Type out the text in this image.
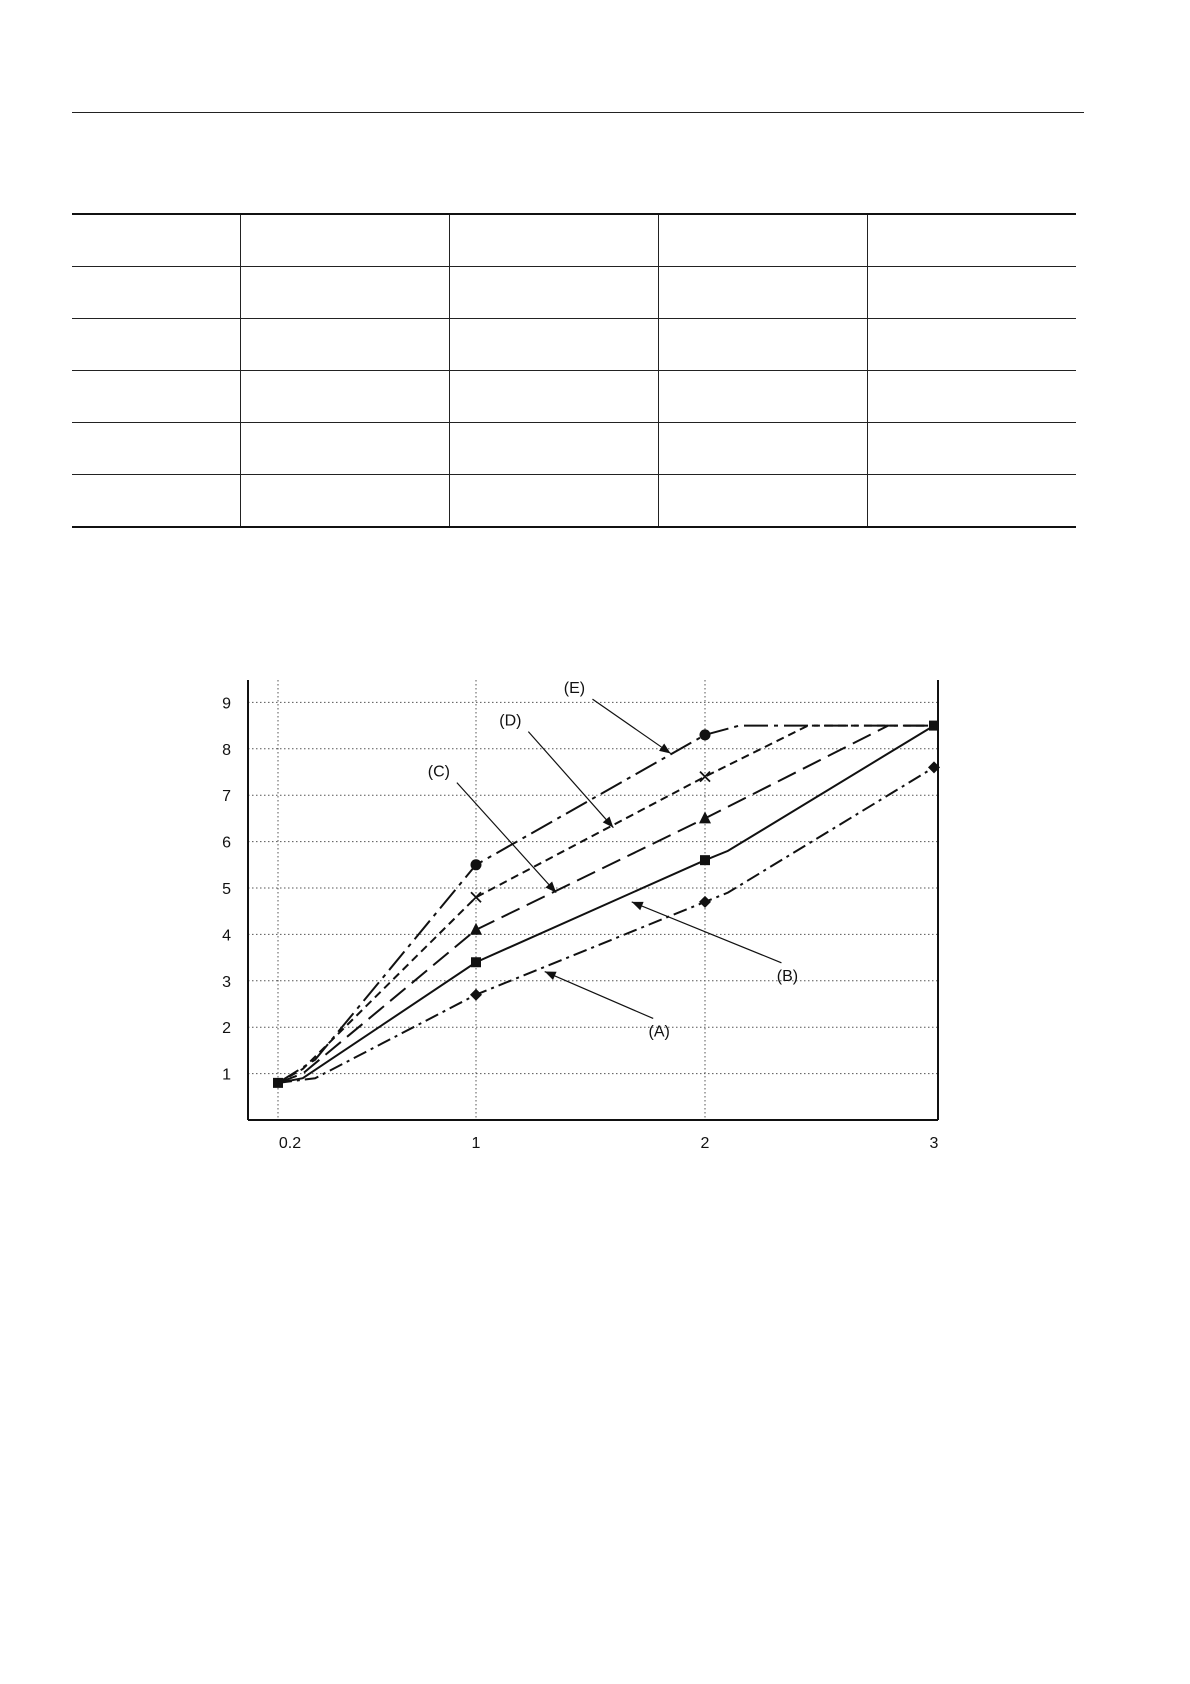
1
2
3
4
5
6
7
8
9
0.2	1	2	3
(A)
(B)
(C)
(D)
(E)
